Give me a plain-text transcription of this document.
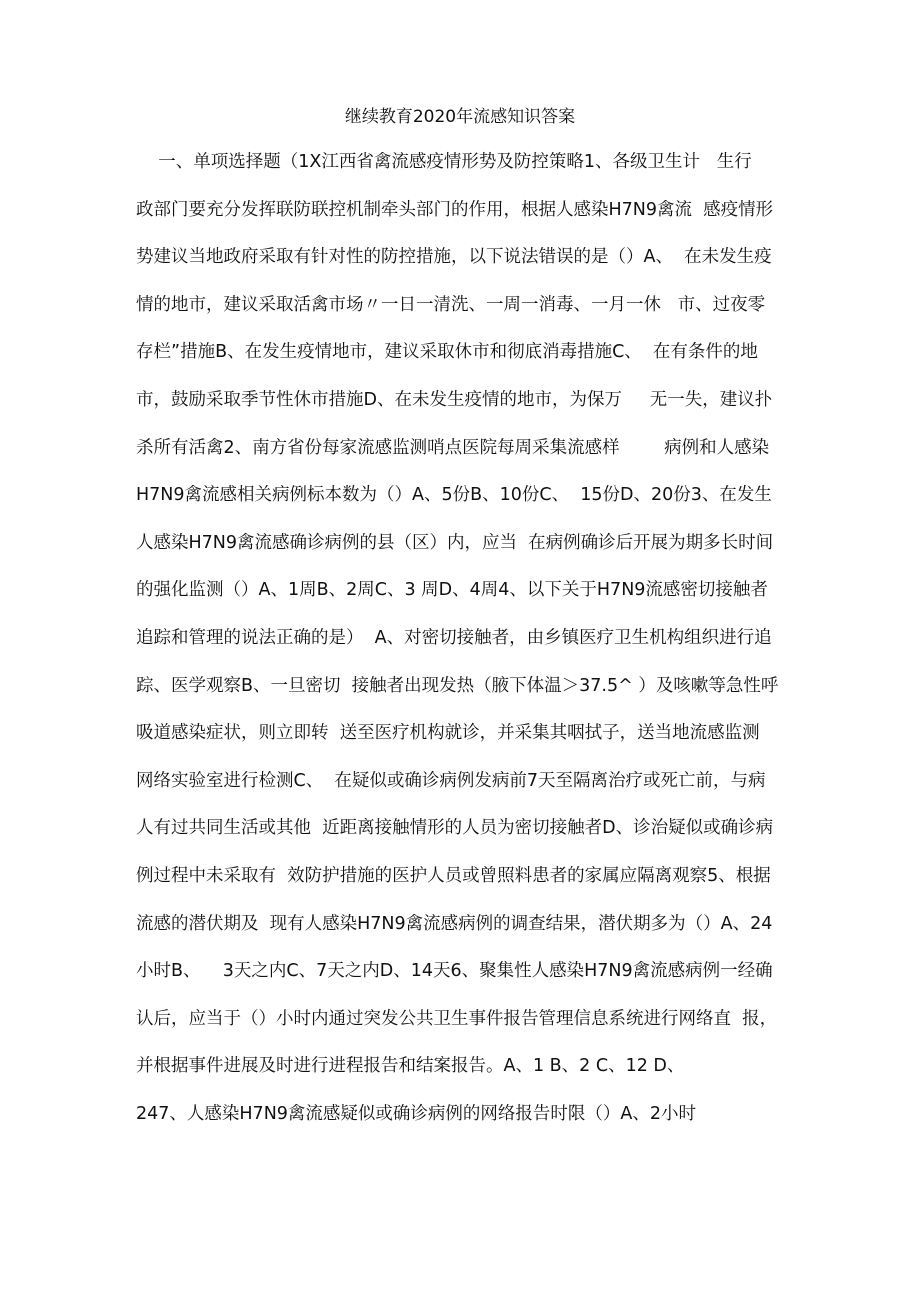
继续教育2020年流感知识答案
一、单项选择题（1X江西省禽流感疫情形势及防控策略1、各级卫生计   生行
政部门要充分发挥联防联控机制牵头部门的作用，根据人感染H7N9禽流  感疫情形
势建议当地政府采取有针对性的防控措施，以下说法错误的是（）A、  在未发生疫
情的地市，建议采取活禽市场〃一日一清洗、一周一消毒、一月一休   市、过夜零
存栏”措施B、在发生疫情地市，建议采取休市和彻底消毒措施C、  在有条件的地
市，鼓励采取季节性休市措施D、在未发生疫情的地市，为保万     无一失，建议扑
杀所有活禽2、南方省份每家流感监测哨点医院每周采集流感样        病例和人感染
H7N9禽流感相关病例标本数为（）A、5份B、10份C、  15份D、20份3、在发生
人感染H7N9禽流感确诊病例的县（区）内，应当  在病例确诊后开展为期多长时间
的强化监测（）A、1周B、2周C、3 周D、4周4、以下关于H7N9流感密切接触者
追踪和管理的说法正确的是）  A、对密切接触者，由乡镇医疗卫生机构组织进行追
踪、医学观察B、一旦密切  接触者出现发热（腋下体温＞37.5^ ）及咳嗽等急性呼
吸道感染症状，则立即转  送至医疗机构就诊，并采集其咽拭子，送当地流感监测
网络实验室进行检测C、  在疑似或确诊病例发病前7天至隔离治疗或死亡前，与病
人有过共同生活或其他  近距离接触情形的人员为密切接触者D、诊治疑似或确诊病
例过程中未采取有  效防护措施的医护人员或曾照料患者的家属应隔离观察5、根据
流感的潜伏期及  现有人感染H7N9禽流感病例的调查结果，潜伏期多为（）A、24
小时B、    3天之内C、7天之内D、14天6、聚集性人感染H7N9禽流感病例一经确
认后，应当于（）小时内通过突发公共卫生事件报告管理信息系统进行网络直  报，
并根据事件进展及时进行进程报告和结案报告。A、1 B、2 C、12 D、
247、人感染H7N9禽流感疑似或确诊病例的网络报告时限（）A、2小时
